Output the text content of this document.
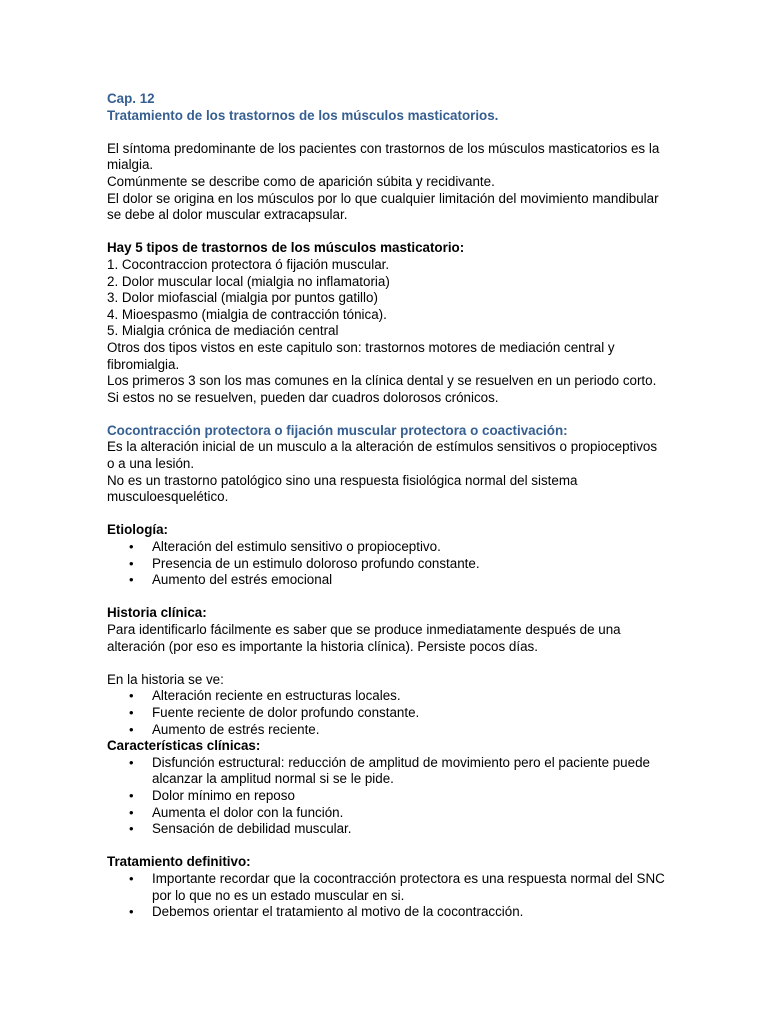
Cap. 12

Tratamiento de los trastornos de los músculos masticatorios.

El síntoma predominante de los pacientes con trastornos de los músculos masticatorios es la mialgia.

Comúnmente se describe como de aparición súbita y recidivante.

El dolor se origina en los músculos por lo que cualquier limitación del movimiento mandibular se debe al dolor muscular extracapsular.

Hay 5 tipos de trastornos de los músculos masticatorio:

1. Cocontraccion protectora ó fijación muscular.

2. Dolor muscular local (mialgia no inflamatoria)

3. Dolor miofascial (mialgia por puntos gatillo)

4. Mioespasmo (mialgia de contracción tónica).

5. Mialgia crónica de mediación central

Otros dos tipos vistos en este capitulo son: trastornos motores de mediación central y fibromialgia.

Los primeros 3 son los mas comunes en la clínica dental y se resuelven en un periodo corto. Si estos no se resuelven, pueden dar cuadros dolorosos crónicos.

Cocontracción protectora o fijación muscular protectora o coactivación:

Es la alteración inicial de un musculo a la alteración de estímulos sensitivos o propioceptivos o a una lesión.

No es un trastorno patológico sino una respuesta fisiológica normal del sistema musculoesquelético.

Etiología:

• Alteración del estimulo sensitivo o propioceptivo.
• Presencia de un estimulo doloroso profundo constante.
• Aumento del estrés emocional

Historia clínica:

Para identificarlo fácilmente es saber que se produce inmediatamente después de una alteración (por eso es importante la historia clínica). Persiste pocos días.

En la historia se ve:

• Alteración reciente en estructuras locales.
• Fuente reciente de dolor profundo constante.
• Aumento de estrés reciente.

Características clínicas:

• Disfunción estructural: reducción de amplitud de movimiento pero el paciente puede alcanzar la amplitud normal si se le pide.
• Dolor mínimo en reposo
• Aumenta el dolor con la función.
• Sensación de debilidad muscular.

Tratamiento definitivo:

• Importante recordar que la cocontracción protectora es una respuesta normal del SNC por lo que no es un estado muscular en si.
• Debemos orientar el tratamiento al motivo de la cocontracción.
